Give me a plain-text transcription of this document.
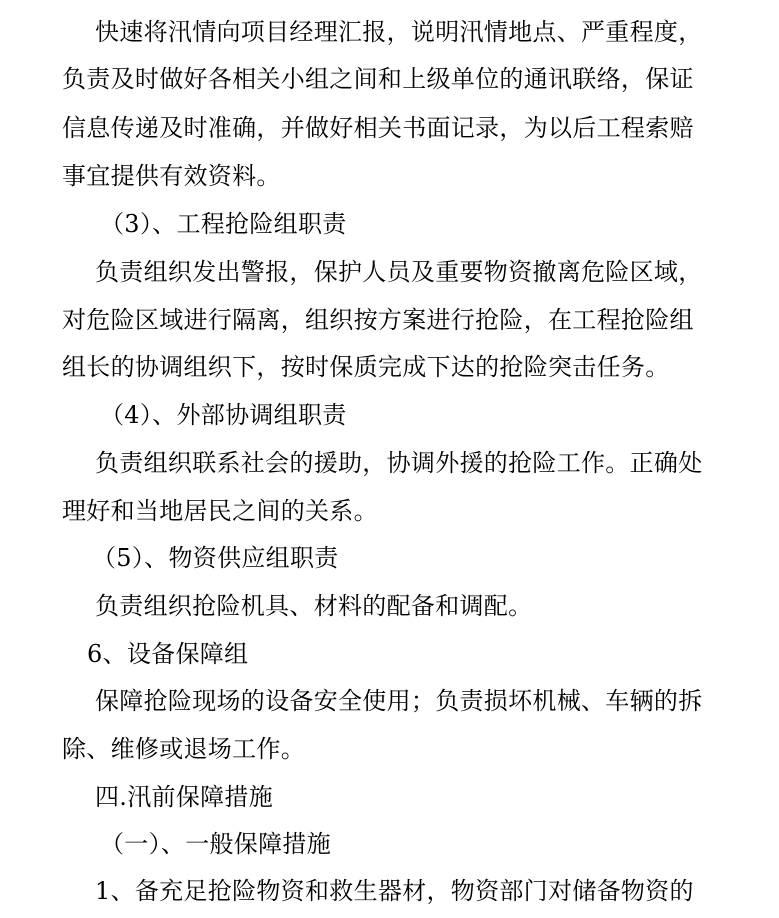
快速将汛情向项目经理汇报，说明汛情地点、严重程度，
负责及时做好各相关小组之间和上级单位的通讯联络，保证
信息传递及时准确，并做好相关书面记录，为以后工程索赔
事宜提供有效资料。
（3）、工程抢险组职责
负责组织发出警报，保护人员及重要物资撤离危险区域，
对危险区域进行隔离，组织按方案进行抢险，在工程抢险组
组长的协调组织下，按时保质完成下达的抢险突击任务。
（4）、外部协调组职责
负责组织联系社会的援助，协调外援的抢险工作。正确处
理好和当地居民之间的关系。
（5）、物资供应组职责
负责组织抢险机具、材料的配备和调配。
6、设备保障组
保障抢险现场的设备安全使用；负责损坏机械、车辆的拆
除、维修或退场工作。
四.汛前保障措施
（一）、一般保障措施
1、备充足抢险物资和救生器材，物资部门对储备物资的
